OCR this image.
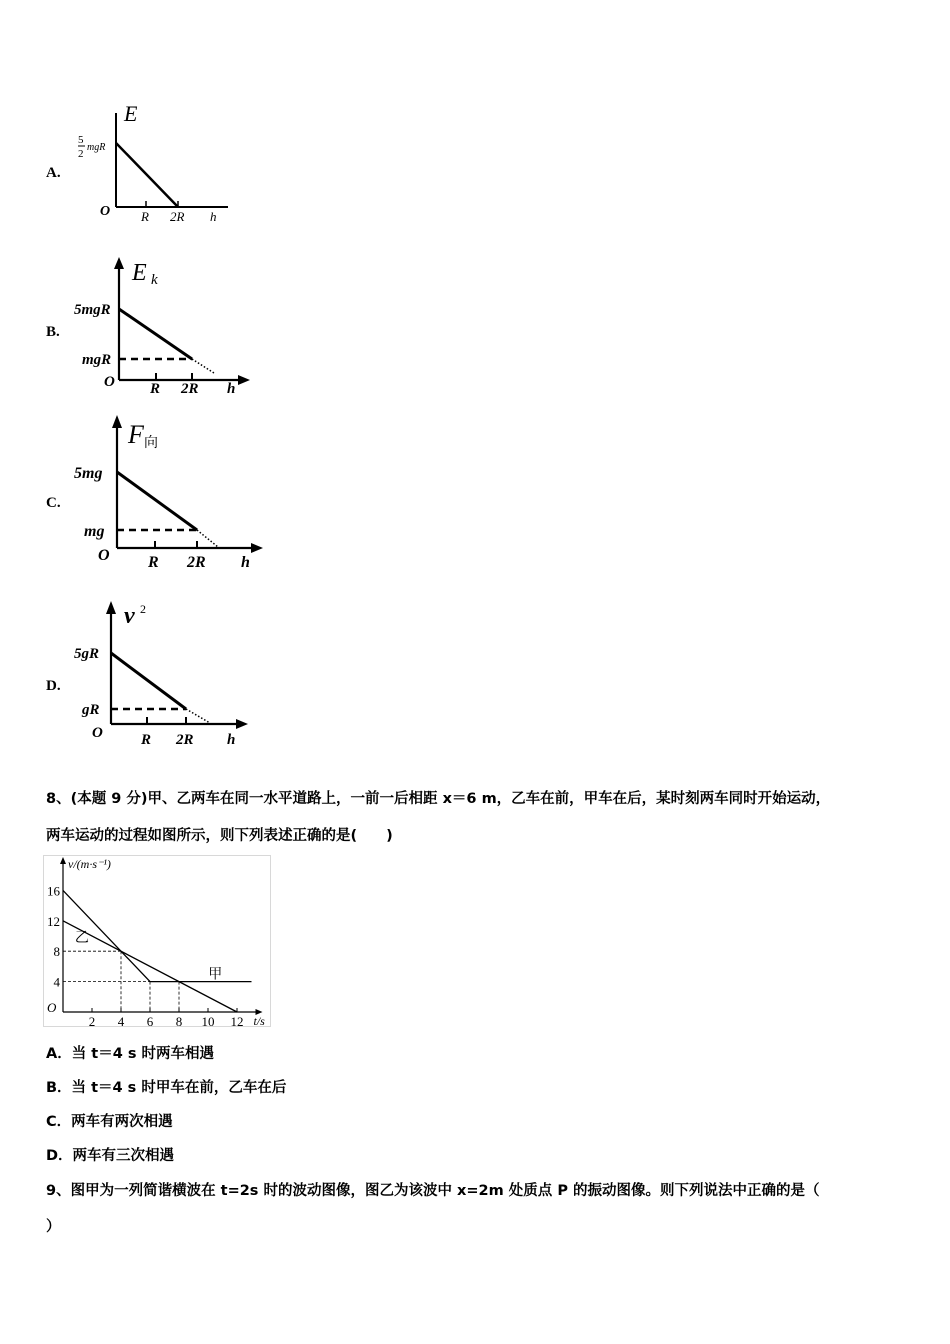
A.
E
5
2
mgR
O R 2R h
B.
E k
5mgR
mgR
O R 2R h
C.
F 向
5mg
mg
O R 2R h
D.
v 2
5gR
gR
O	R 2R h
8、(本题 9 分)甲、乙两车在同一水平道路上，一前一后相距 x＝6 m，乙车在前，甲车在后，某时刻两车同时开始运动，
两车运动的过程如图所示，则下列表述正确的是(　　)
v/(m·s⁻¹)
t/s
O
16
12
8
4
2 4 6 8 10 12
甲
乙
A．当 t＝4 s 时两车相遇
B．当 t＝4 s 时甲车在前，乙车在后
C．两车有两次相遇
D．两车有三次相遇
9、图甲为一列简谐横波在 t=2s 时的波动图像，图乙为该波中 x=2m 处质点 P 的振动图像。则下列说法中正确的是（
）
